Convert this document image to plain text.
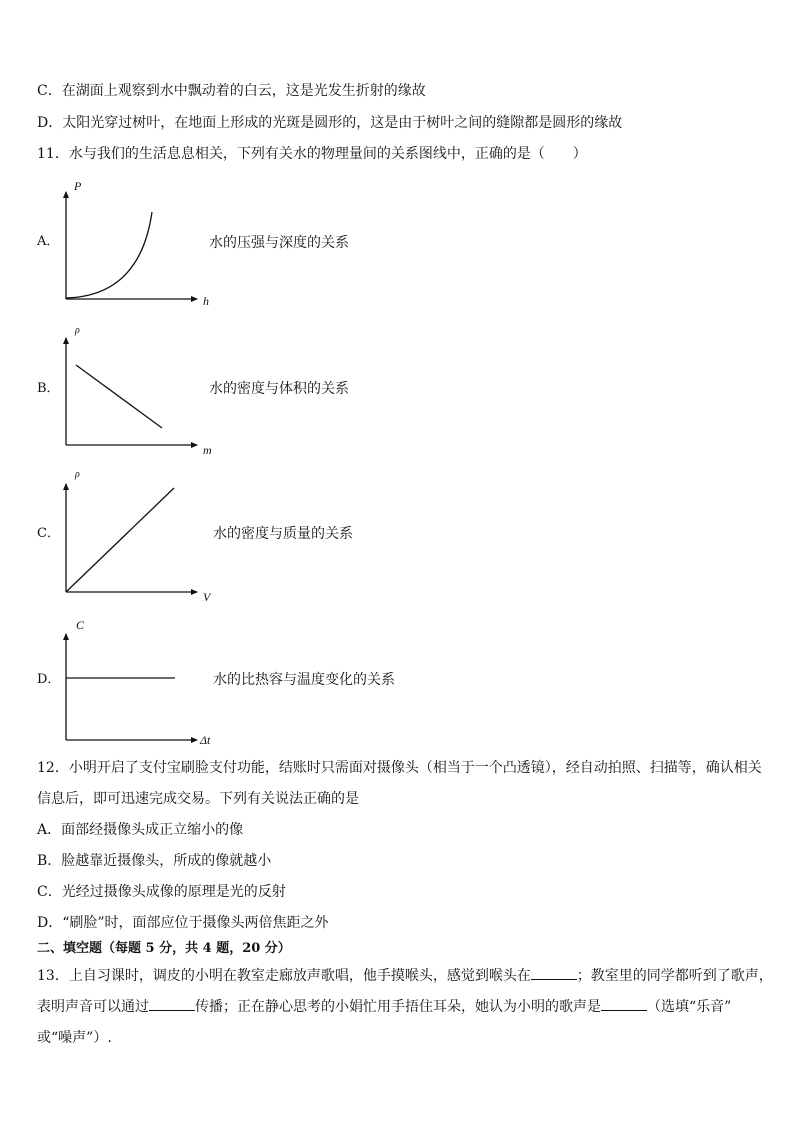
C．在湖面上观察到水中飘动着的白云，这是光发生折射的缘故
D．太阳光穿过树叶，在地面上形成的光斑是圆形的，这是由于树叶之间的缝隙都是圆形的缘故
11．水与我们的生活息息相关，下列有关水的物理量间的关系图线中，正确的是（　　）
A．
P
h
水的压强与深度的关系
B．
ρ
m
水的密度与体积的关系
C．
ρ
V
水的密度与质量的关系
D．
C
Δt
水的比热容与温度变化的关系
12．小明开启了支付宝刷脸支付功能，结账时只需面对摄像头（相当于一个凸透镜），经自动拍照、扫描等，确认相关
信息后，即可迅速完成交易。下列有关说法正确的是
A．面部经摄像头成正立缩小的像
B．脸越靠近摄像头，所成的像就越小
C．光经过摄像头成像的原理是光的反射
D．“刷脸”时，面部应位于摄像头两倍焦距之外
二、填空题（每题 5 分，共 4 题，20 分）
13．上自习课时，调皮的小明在教室走廊放声歌唱，他手摸喉头，感觉到喉头在	；教室里的同学都听到了歌声，
表明声音可以通过	传播；正在静心思考的小娟忙用手捂住耳朵，她认为小明的歌声是	（选填“乐音”
或“噪声”）.
